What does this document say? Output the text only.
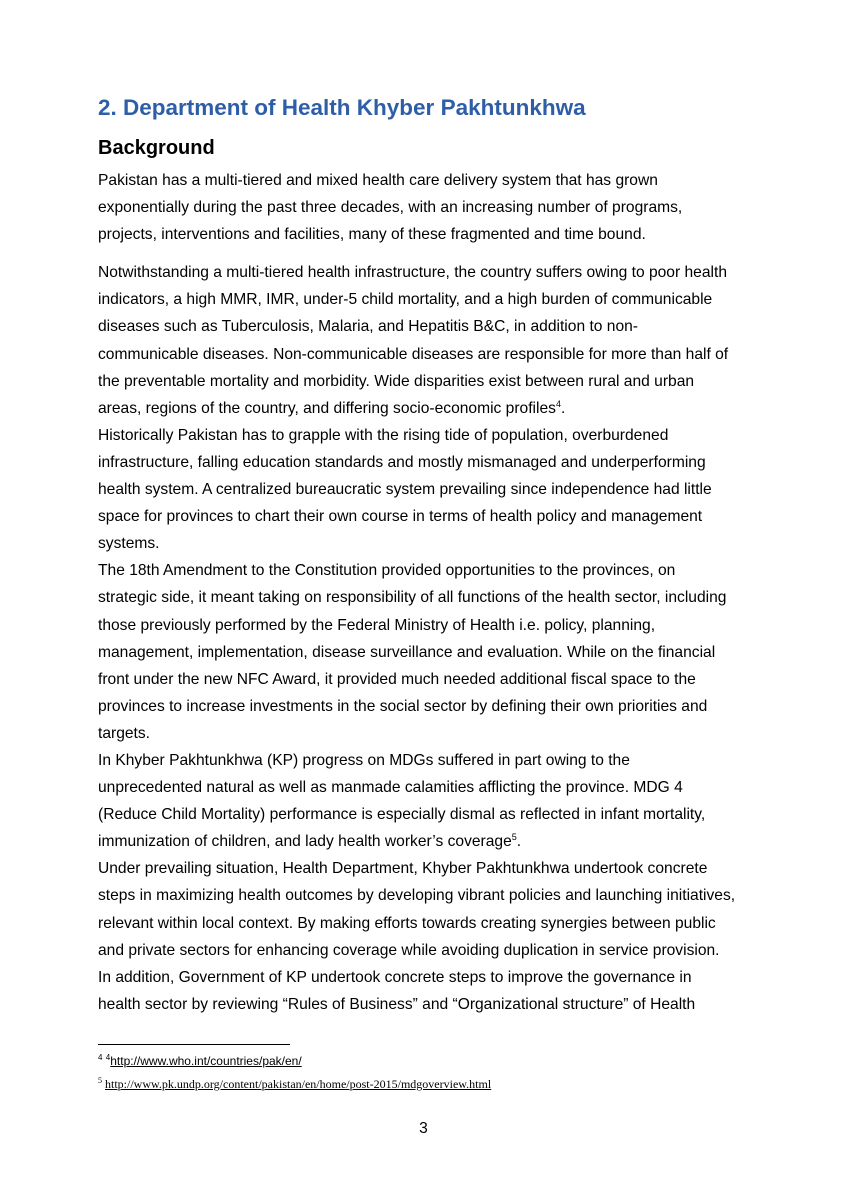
2. Department of Health Khyber Pakhtunkhwa
Background

Pakistan has a multi-tiered and mixed health care delivery system that has grown
exponentially during the past three decades, with an increasing number of programs,
projects, interventions and facilities, many of these fragmented and time bound.

Notwithstanding a multi-tiered health infrastructure, the country suffers owing to poor health
indicators, a high MMR, IMR, under-5 child mortality, and a high burden of communicable
diseases such as Tuberculosis, Malaria, and Hepatitis B&C, in addition to non-
communicable diseases. Non-communicable diseases are responsible for more than half of
the preventable mortality and morbidity. Wide disparities exist between rural and urban
areas, regions of the country, and differing socio-economic profiles$^4$.

Historically Pakistan has to grapple with the rising tide of population, overburdened
infrastructure, falling education standards and mostly mismanaged and underperforming
health system. A centralized bureaucratic system prevailing since independence had little
space for provinces to chart their own course in terms of health policy and management
systems.

The 18th Amendment to the Constitution provided opportunities to the provinces, on
strategic side, it meant taking on responsibility of all functions of the health sector, including
those previously performed by the Federal Ministry of Health i.e. policy, planning,
management, implementation, disease surveillance and evaluation. While on the financial
front under the new NFC Award, it provided much needed additional fiscal space to the
provinces to increase investments in the social sector by defining their own priorities and
targets.

In Khyber Pakhtunkhwa (KP) progress on MDGs suffered in part owing to the
unprecedented natural as well as manmade calamities afflicting the province. MDG 4
(Reduce Child Mortality) performance is especially dismal as reflected in infant mortality,
immunization of children, and lady health worker’s coverage$^5$.

Under prevailing situation, Health Department, Khyber Pakhtunkhwa undertook concrete
steps in maximizing health outcomes by developing vibrant policies and launching initiatives,
relevant within local context. By making efforts towards creating synergies between public
and private sectors for enhancing coverage while avoiding duplication in service provision.
In addition, Government of KP undertook concrete steps to improve the governance in
health sector by reviewing “Rules of Business” and “Organizational structure” of Health

$^4$ $^4$http://www.who.int/countries/pak/en/
$^5$ http://www.pk.undp.org/content/pakistan/en/home/post-2015/mdgoverview.html
3
